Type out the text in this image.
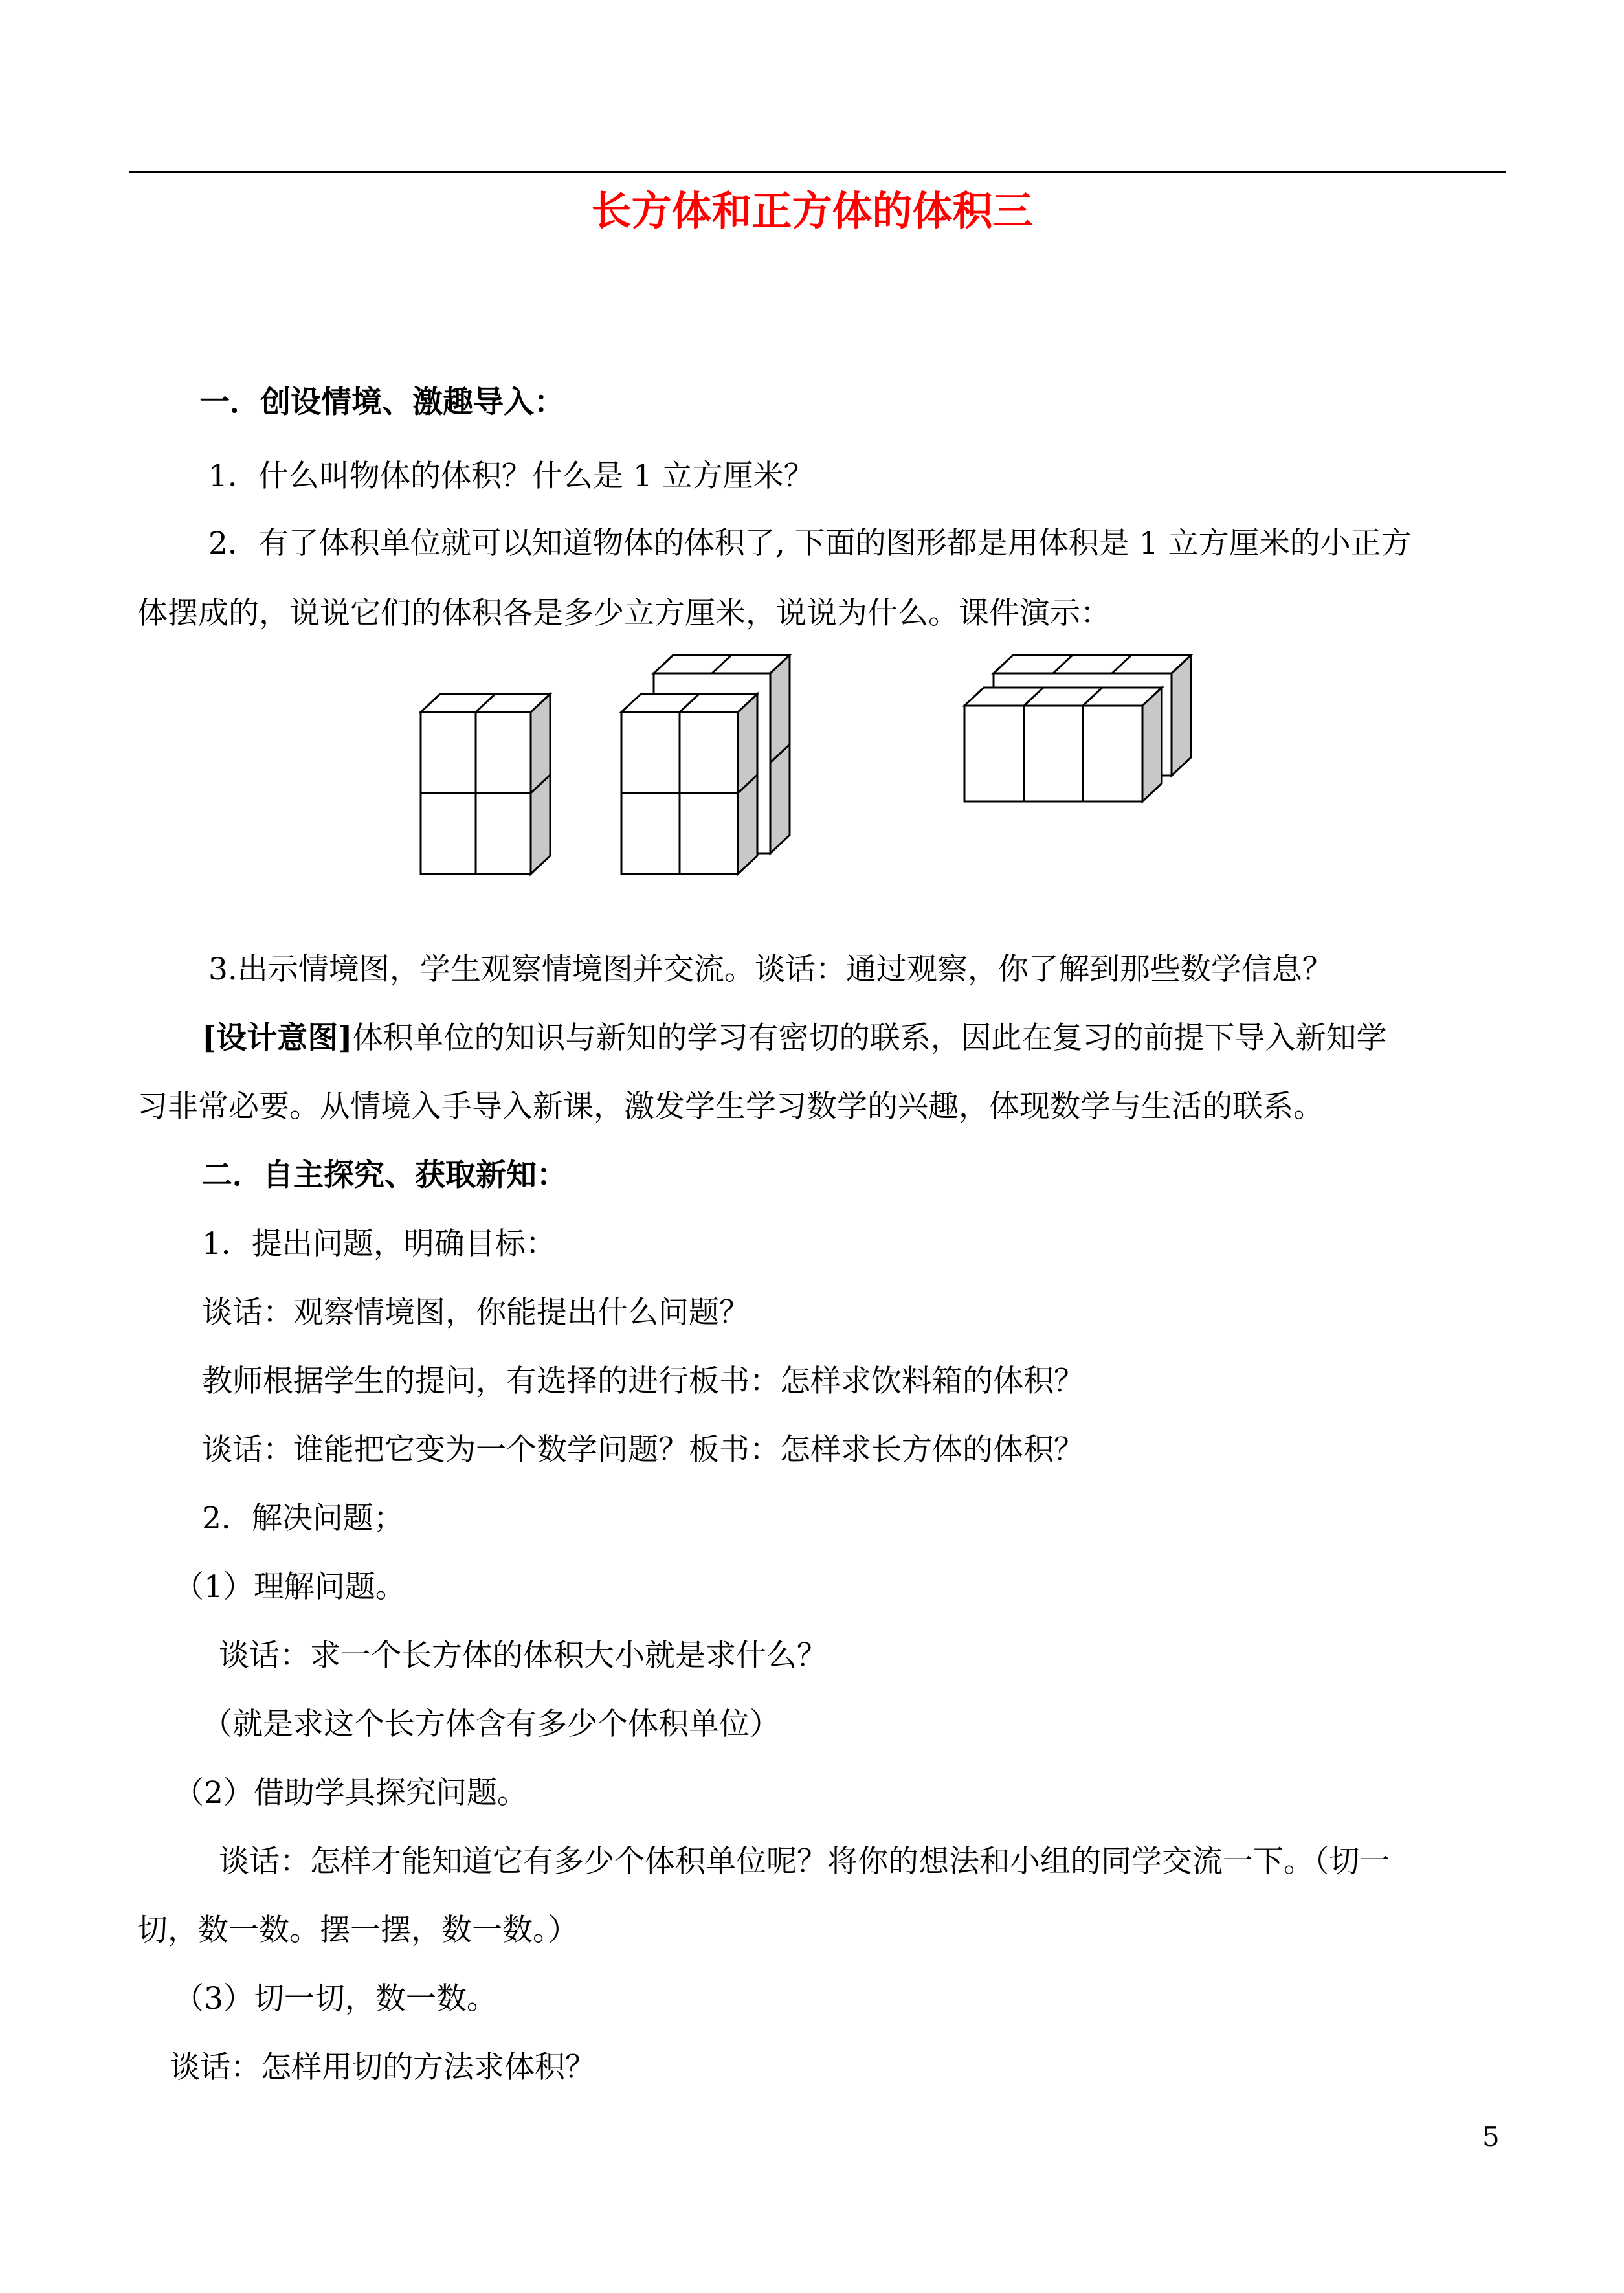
长方体和正方体的体积三
一．创设情境、激趣导入：
1．什么叫物体的体积？什么是 1 立方厘米？
2．有了体积单位就可以知道物体的体积了, 下面的图形都是用体积是 1 立方厘米的小正方
体摆成的，说说它们的体积各是多少立方厘米，说说为什么。课件演示：
3.出示情境图，学生观察情境图并交流。谈话：通过观察，你了解到那些数学信息？
[设计意图]体积单位的知识与新知的学习有密切的联系，因此在复习的前提下导入新知学
习非常必要。从情境入手导入新课，激发学生学习数学的兴趣，体现数学与生活的联系。
二．自主探究、获取新知：
1．提出问题，明确目标：
谈话：观察情境图，你能提出什么问题？
教师根据学生的提问，有选择的进行板书：怎样求饮料箱的体积？
谈话：谁能把它变为一个数学问题？板书：怎样求长方体的体积？
2．解决问题；
（1）理解问题。
谈话：求一个长方体的体积大小就是求什么？
（就是求这个长方体含有多少个体积单位）
（2）借助学具探究问题。
谈话：怎样才能知道它有多少个体积单位呢？将你的想法和小组的同学交流一下。（切一
切，数一数。摆一摆，数一数。）
（3）切一切，数一数。
谈话：怎样用切的方法求体积？
5
